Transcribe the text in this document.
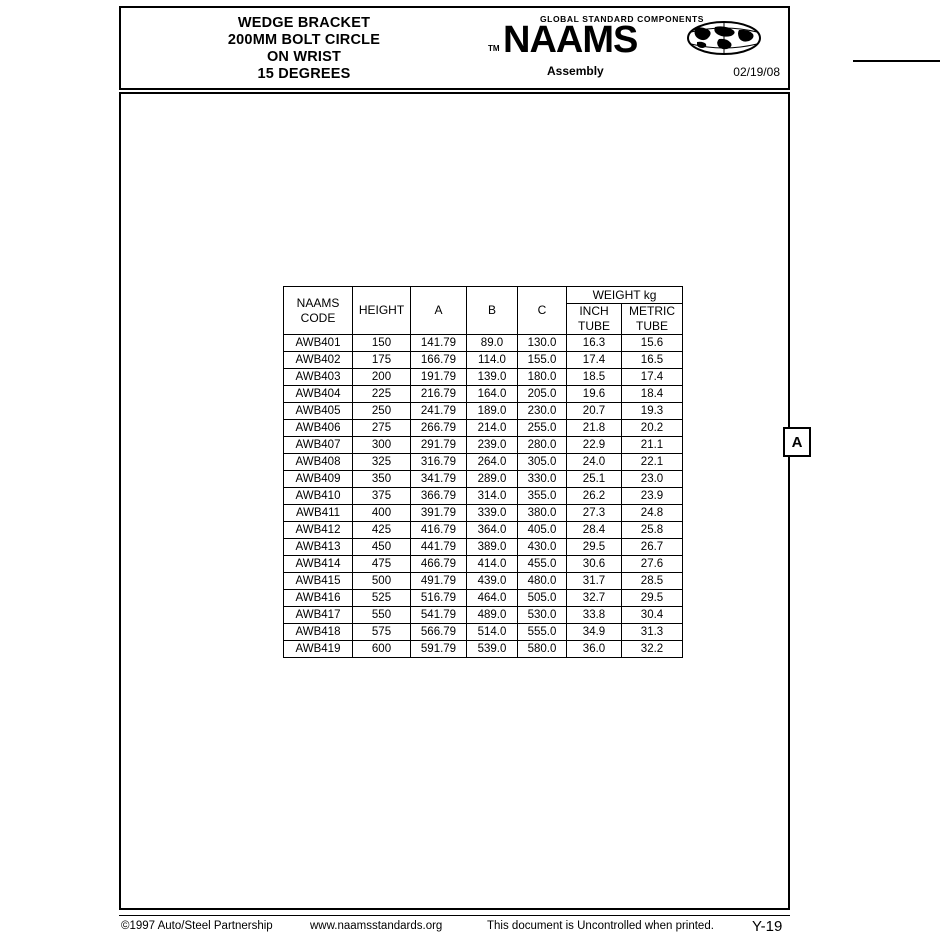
WEDGE BRACKET
200MM BOLT CIRCLE
ON WRIST
15 DEGREES
GLOBAL STANDARD COMPONENTS
TM NAAMS
Assembly	02/19/08
A
NAAMS
CODE	HEIGHT	A	B	C	WEIGHT kg	
					INCH TUBE	METRIC TUBE
AWB401	150	141.79	89.0	130.0	16.3	15.6
AWB402	175	166.79	114.0	155.0	17.4	16.5
AWB403	200	191.79	139.0	180.0	18.5	17.4
AWB404	225	216.79	164.0	205.0	19.6	18.4
AWB405	250	241.79	189.0	230.0	20.7	19.3
AWB406	275	266.79	214.0	255.0	21.8	20.2
AWB407	300	291.79	239.0	280.0	22.9	21.1
AWB408	325	316.79	264.0	305.0	24.0	22.1
AWB409	350	341.79	289.0	330.0	25.1	23.0
AWB410	375	366.79	314.0	355.0	26.2	23.9
AWB411	400	391.79	339.0	380.0	27.3	24.8
AWB412	425	416.79	364.0	405.0	28.4	25.8
AWB413	450	441.79	389.0	430.0	29.5	26.7
AWB414	475	466.79	414.0	455.0	30.6	27.6
AWB415	500	491.79	439.0	480.0	31.7	28.5
AWB416	525	516.79	464.0	505.0	32.7	29.5
AWB417	550	541.79	489.0	530.0	33.8	30.4
AWB418	575	566.79	514.0	555.0	34.9	31.3
AWB419	600	591.79	539.0	580.0	36.0	32.2
©1997 Auto/Steel Partnership	www.naamsstandards.org	This document is Uncontrolled when printed.	Y-19
